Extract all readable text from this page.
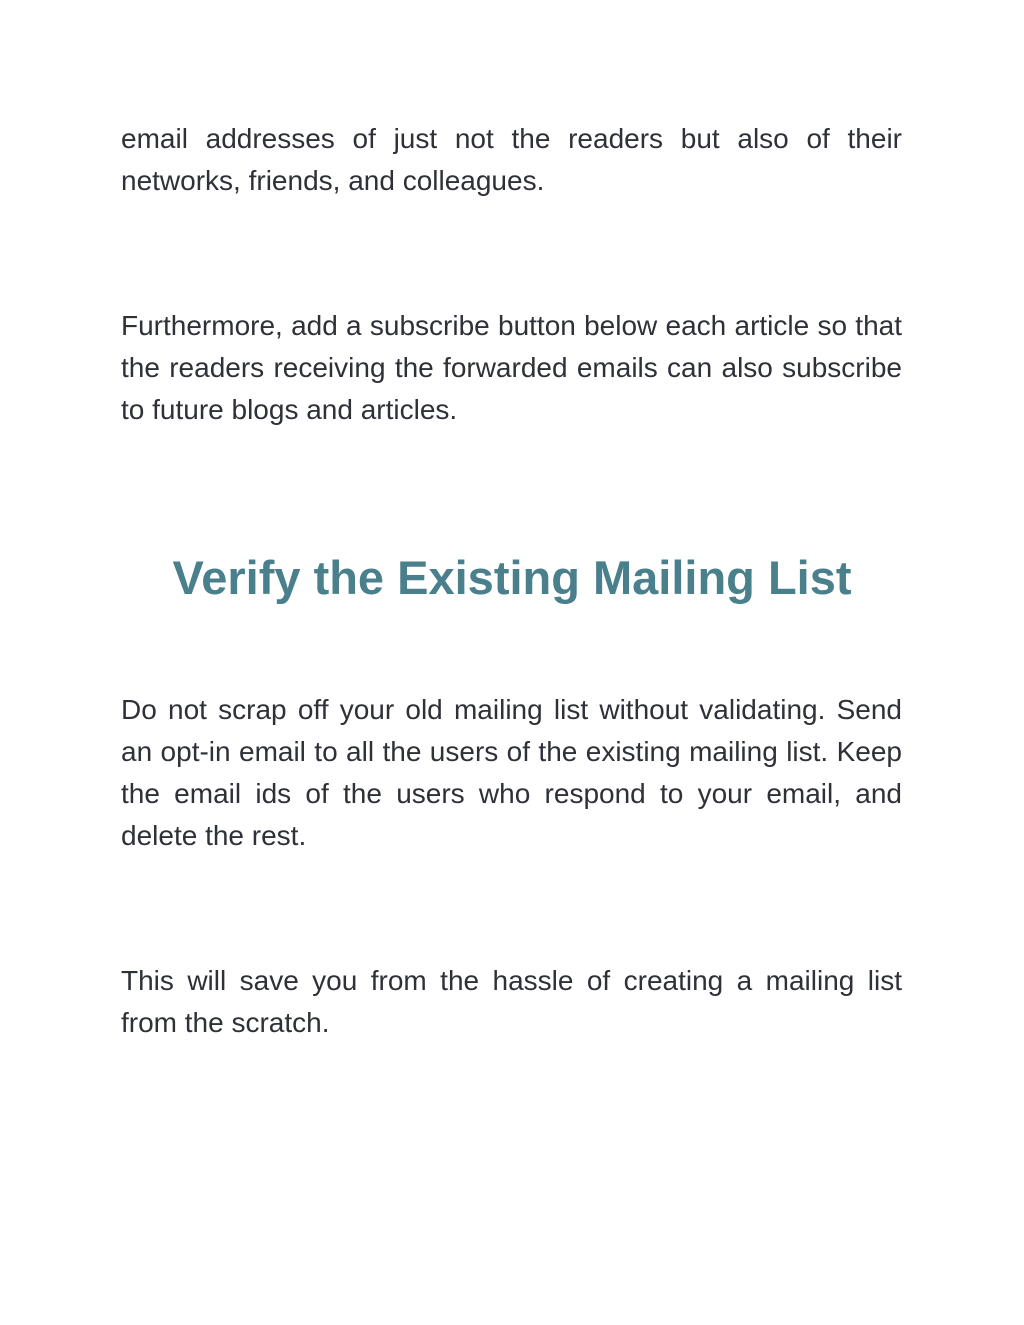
email addresses of just not the readers but also of their networks, friends, and colleagues.

Furthermore, add a subscribe button below each article so that the readers receiving the forwarded emails can also subscribe to future blogs and articles.

Verify the Existing Mailing List

Do not scrap off your old mailing list without validating. Send an opt-in email to all the users of the existing mailing list. Keep the email ids of the users who respond to your email, and delete the rest.

This will save you from the hassle of creating a mailing list from the scratch.
